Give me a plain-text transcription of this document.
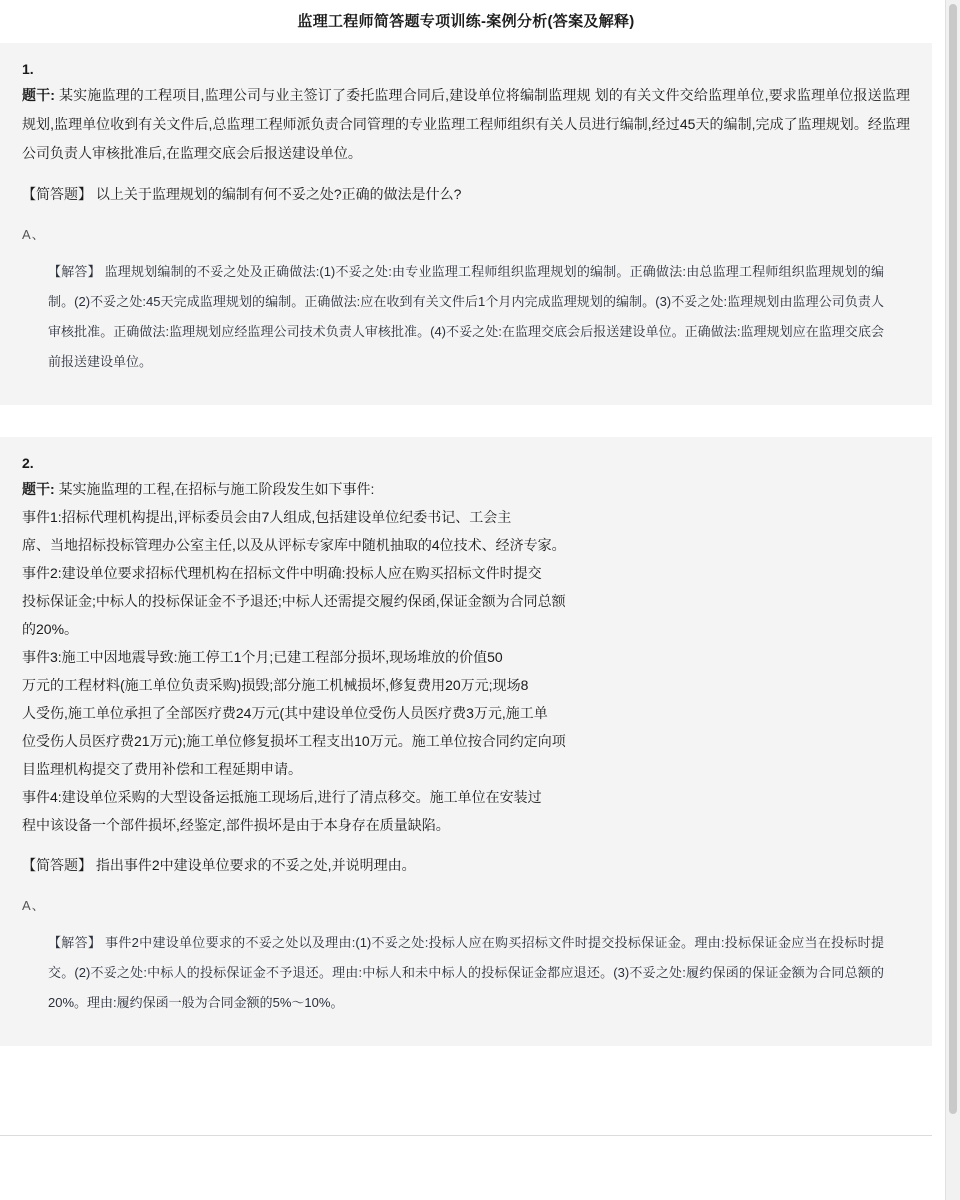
监理工程师简答题专项训练-案例分析(答案及解释)
1.
题干: 某实施监理的工程项目,监理公司与业主签订了委托监理合同后,建设单位将编制监理规 划的有关文件交给监理单位,要求监理单位报送监理规划,监理单位收到有关文件后,总监理工程师派负责合同管理的专业监理工程师组织有关人员进行编制,经过45天的编制,完成了监理规划。经监理公司负责人审核批准后,在监理交底会后报送建设单位。
【简答题】 以上关于监理规划的编制有何不妥之处?正确的做法是什么?
A、
【解答】 监理规划编制的不妥之处及正确做法:(1)不妥之处:由专业监理工程师组织监理规划的编制。正确做法:由总监理工程师组织监理规划的编制。(2)不妥之处:45天完成监理规划的编制。正确做法:应在收到有关文件后1个月内完成监理规划的编制。(3)不妥之处:监理规划由监理公司负责人审核批准。正确做法:监理规划应经监理公司技术负责人审核批准。(4)不妥之处:在监理交底会后报送建设单位。正确做法:监理规划应在监理交底会前报送建设单位。
2.
题干: 某实施监理的工程,在招标与施工阶段发生如下事件:
事件1:招标代理机构提出,评标委员会由7人组成,包括建设单位纪委书记、工会主
席、当地招标投标管理办公室主任,以及从评标专家库中随机抽取的4位技术、经济专家。
事件2:建设单位要求招标代理机构在招标文件中明确:投标人应在购买招标文件时提交
投标保证金;中标人的投标保证金不予退还;中标人还需提交履约保函,保证金额为合同总额
的20%。
事件3:施工中因地震导致:施工停工1个月;已建工程部分损坏,现场堆放的价值50
万元的工程材料(施工单位负责采购)损毁;部分施工机械损坏,修复费用20万元;现场8
人受伤,施工单位承担了全部医疗费24万元(其中建设单位受伤人员医疗费3万元,施工单
位受伤人员医疗费21万元);施工单位修复损坏工程支出10万元。施工单位按合同约定向项
目监理机构提交了费用补偿和工程延期申请。
事件4:建设单位采购的大型设备运抵施工现场后,进行了清点移交。施工单位在安装过
程中该设备一个部件损坏,经鉴定,部件损坏是由于本身存在质量缺陷。
【简答题】 指出事件2中建设单位要求的不妥之处,并说明理由。
A、
【解答】 事件2中建设单位要求的不妥之处以及理由:(1)不妥之处:投标人应在购买招标文件时提交投标保证金。理由:投标保证金应当在投标时提交。(2)不妥之处:中标人的投标保证金不予退还。理由:中标人和未中标人的投标保证金都应退还。(3)不妥之处:履约保函的保证金额为合同总额的20%。理由:履约保函一般为合同金额的5%～10%。
